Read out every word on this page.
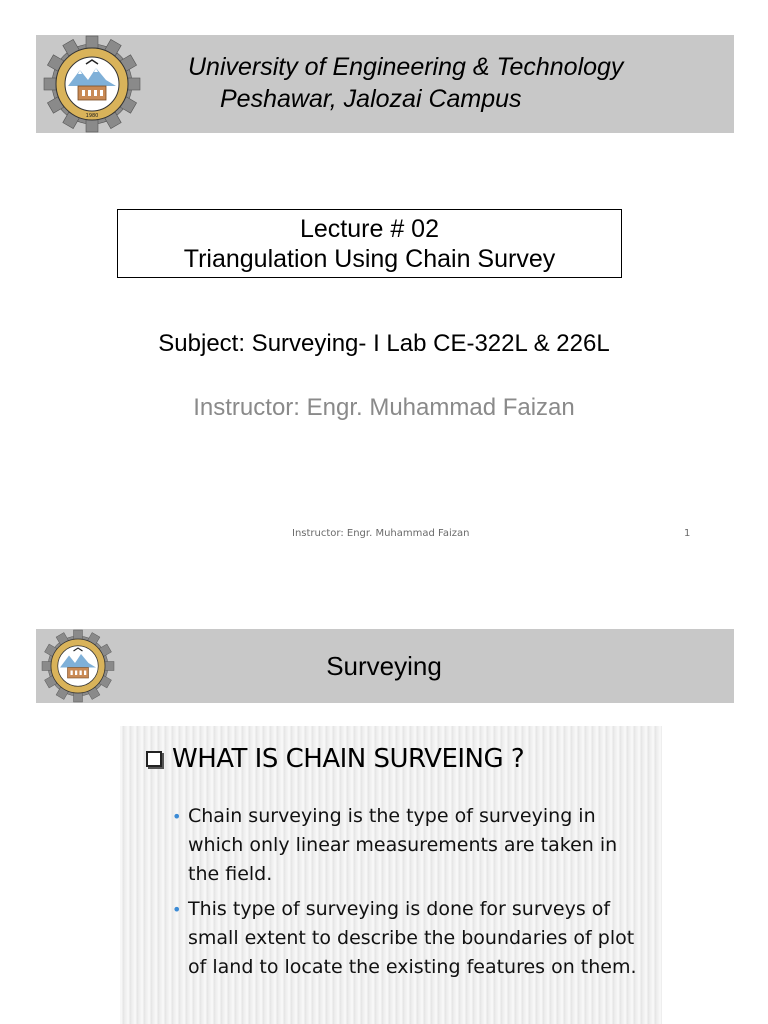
1980
University of Engineering & Technology
Peshawar, Jalozai Campus
Lecture # 02
Triangulation Using Chain Survey
Subject: Surveying- I Lab CE-322L & 226L
Instructor: Engr. Muhammad Faizan
Instructor: Engr. Muhammad Faizan	1
Surveying
WHAT IS CHAIN SURVEING ?
• Chain surveying is the type of surveying in which only linear measurements are taken in the field.
• This type of surveying is done for surveys of small extent to describe the boundaries of plot of land to locate the existing features on them.
